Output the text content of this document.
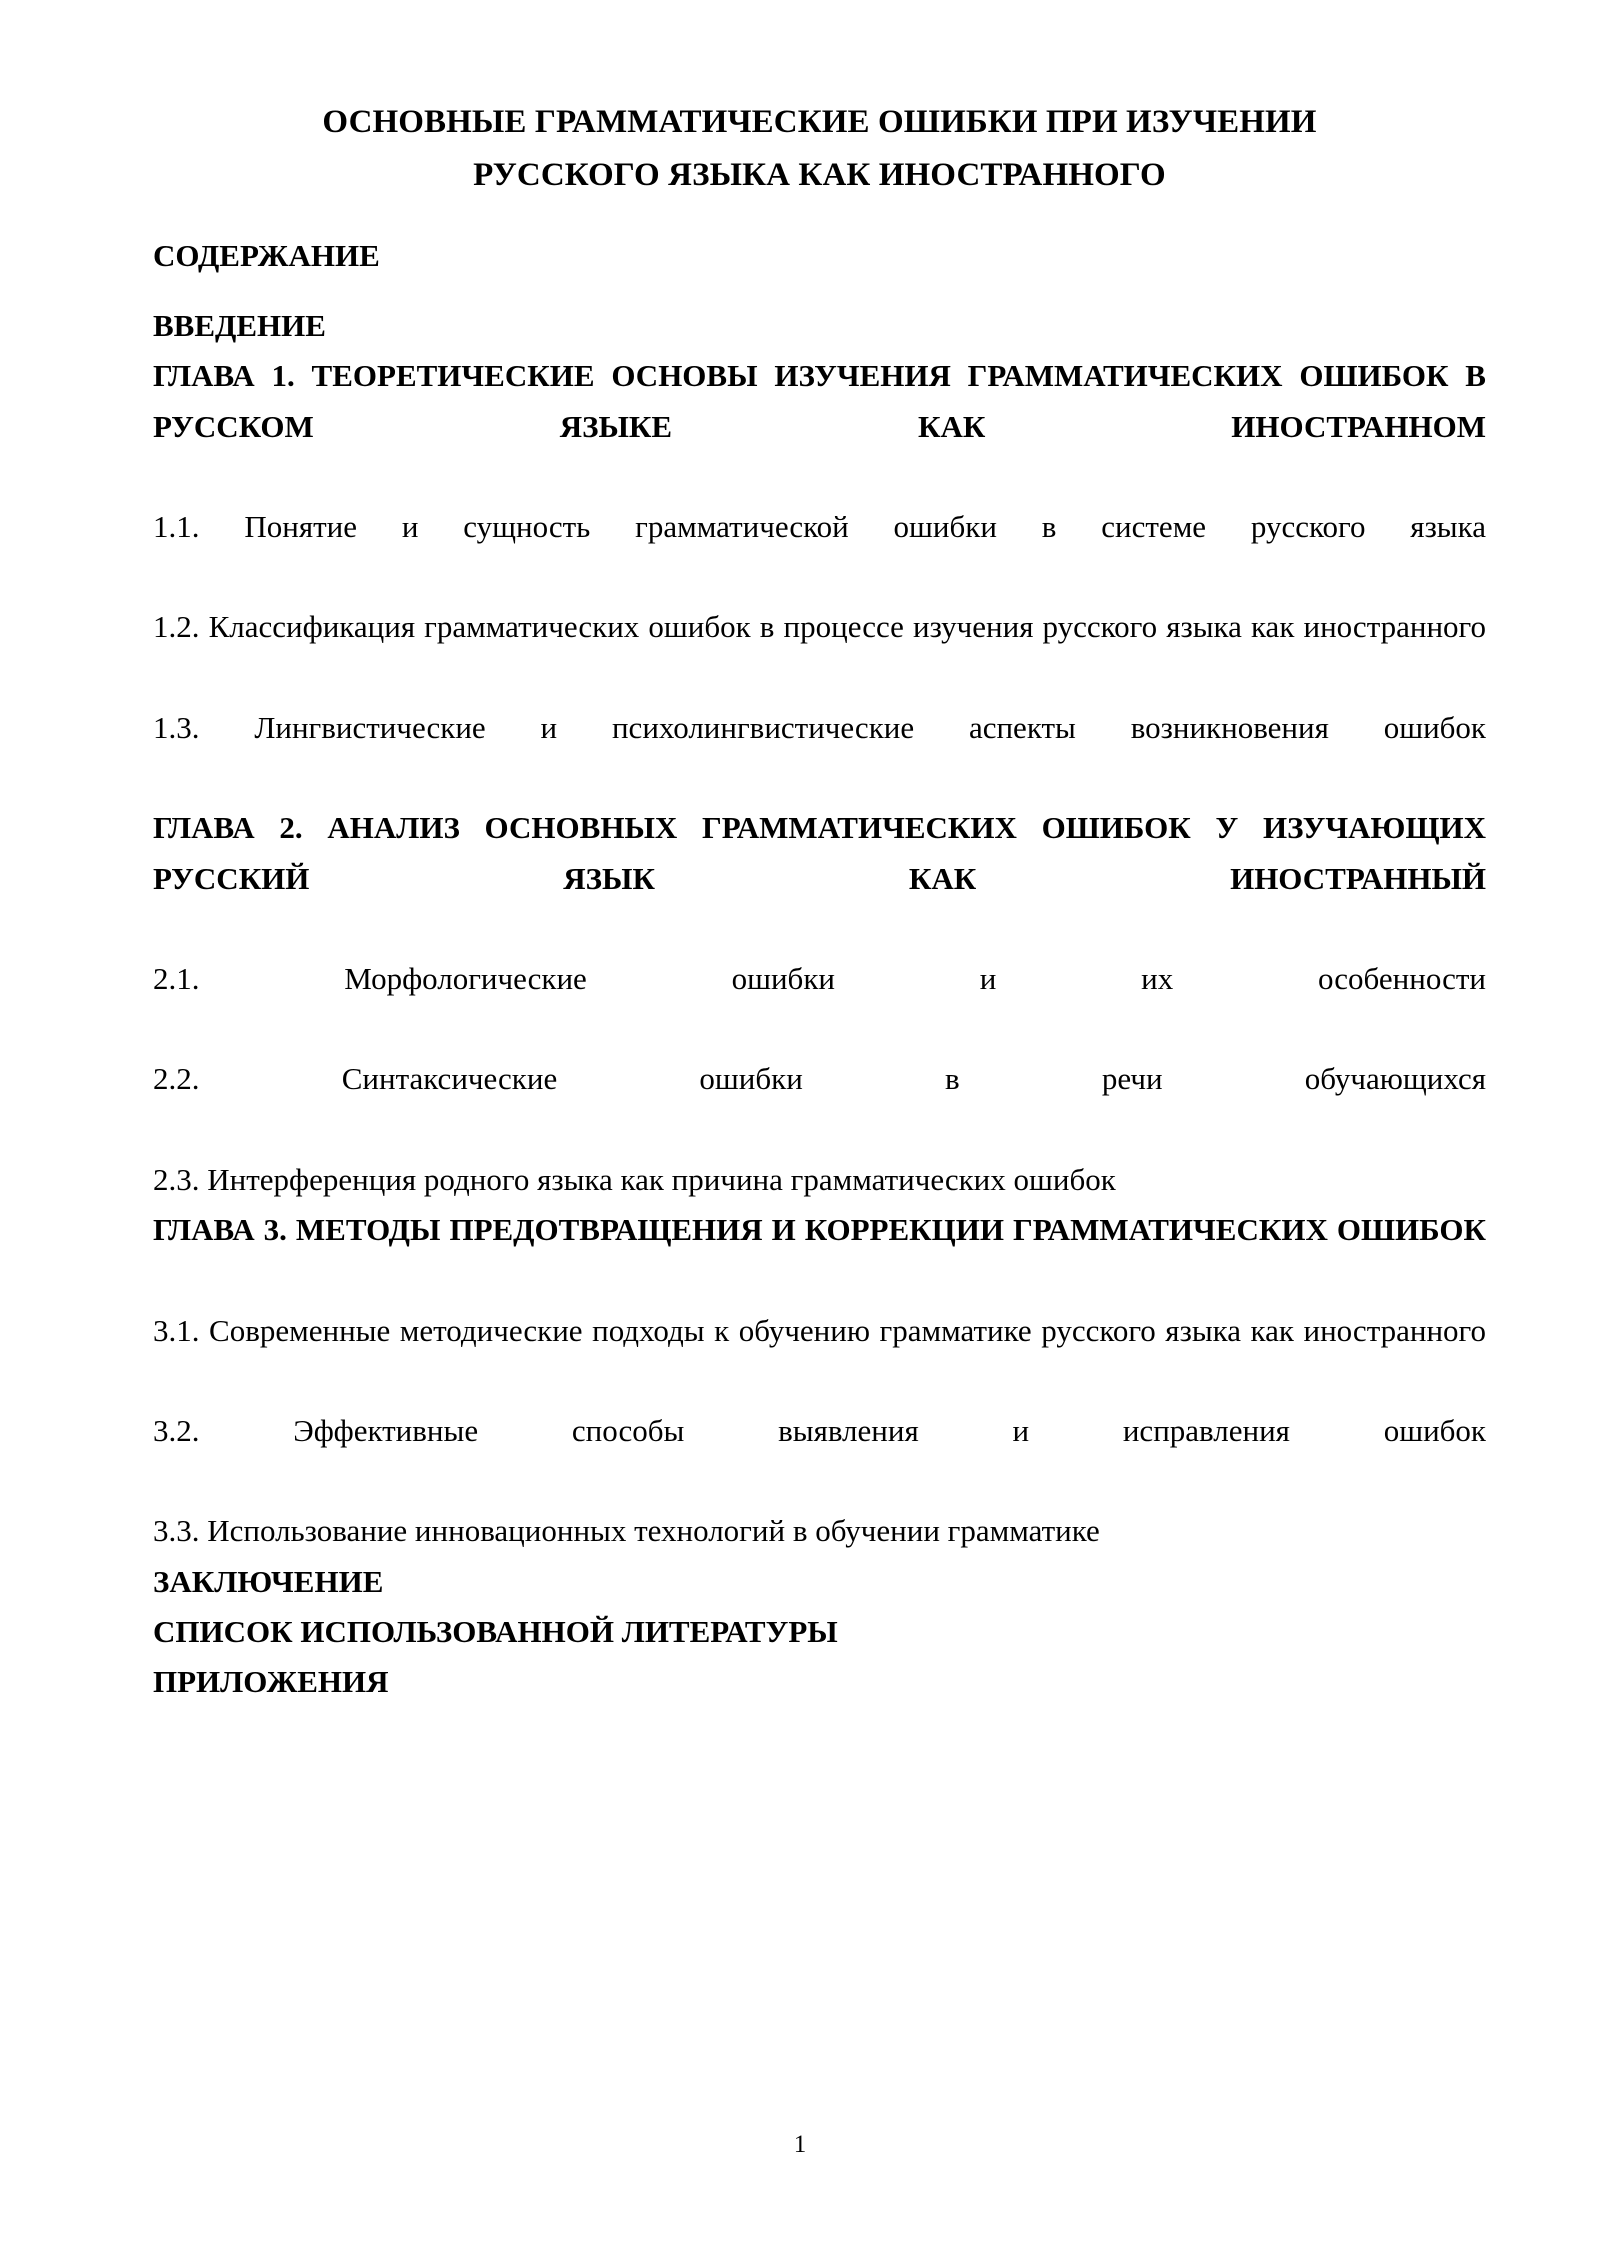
ОСНОВНЫЕ ГРАММАТИЧЕСКИЕ ОШИБКИ ПРИ ИЗУЧЕНИИ
РУССКОГО ЯЗЫКА КАК ИНОСТРАННОГО
СОДЕРЖАНИЕ
ВВЕДЕНИЕ
ГЛАВА 1. ТЕОРЕТИЧЕСКИЕ ОСНОВЫ ИЗУЧЕНИЯ ГРАММАТИЧЕСКИХ ОШИБОК В РУССКОМ ЯЗЫКЕ КАК ИНОСТРАННОМ
1.1. Понятие и сущность грамматической ошибки в системе русского языка
1.2. Классификация грамматических ошибок в процессе изучения русского языка как иностранного
1.3. Лингвистические и психолингвистические аспекты возникновения ошибок
ГЛАВА 2. АНАЛИЗ ОСНОВНЫХ ГРАММАТИЧЕСКИХ ОШИБОК У ИЗУЧАЮЩИХ РУССКИЙ ЯЗЫК КАК ИНОСТРАННЫЙ
2.1. Морфологические ошибки и их особенности
2.2. Синтаксические ошибки в речи обучающихся
2.3. Интерференция родного языка как причина грамматических ошибок
ГЛАВА 3. МЕТОДЫ ПРЕДОТВРАЩЕНИЯ И КОРРЕКЦИИ ГРАММАТИЧЕСКИХ ОШИБОК
3.1. Современные методические подходы к обучению грамматике русского языка как иностранного
3.2. Эффективные способы выявления и исправления ошибок
3.3. Использование инновационных технологий в обучении грамматике
ЗАКЛЮЧЕНИЕ
СПИСОК ИСПОЛЬЗОВАННОЙ ЛИТЕРАТУРЫ
ПРИЛОЖЕНИЯ
1
